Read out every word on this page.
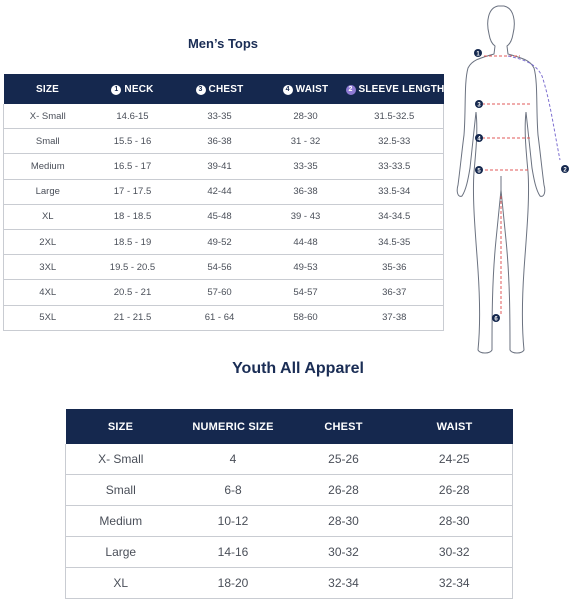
Men’s Tops
SIZE	1 NECK	3 CHEST	4 WAIST	2 SLEEVE LENGTH

X- Small	14.6-15	33-35	28-30	31.5-32.5
Small	15.5 - 16	36-38	31 - 32	32.5-33
Medium	16.5 - 17	39-41	33-35	33-33.5
Large	17 - 17.5	42-44	36-38	33.5-34
XL	18 - 18.5	45-48	39 - 43	34-34.5
2XL	18.5 - 19	49-52	44-48	34.5-35
3XL	19.5 - 20.5	54-56	49-53	35-36
4XL	20.5 - 21	57-60	54-57	36-37
5XL	21 - 21.5	61 - 64	58-60	37-38
1
2
3
4
5
6
Youth All Apparel
SIZE	NUMERIC SIZE	CHEST	WAIST
X- Small	4	25-26	24-25
Small	6-8	26-28	26-28
Medium	10-12	28-30	28-30
Large	14-16	30-32	30-32
XL	18-20	32-34	32-34
